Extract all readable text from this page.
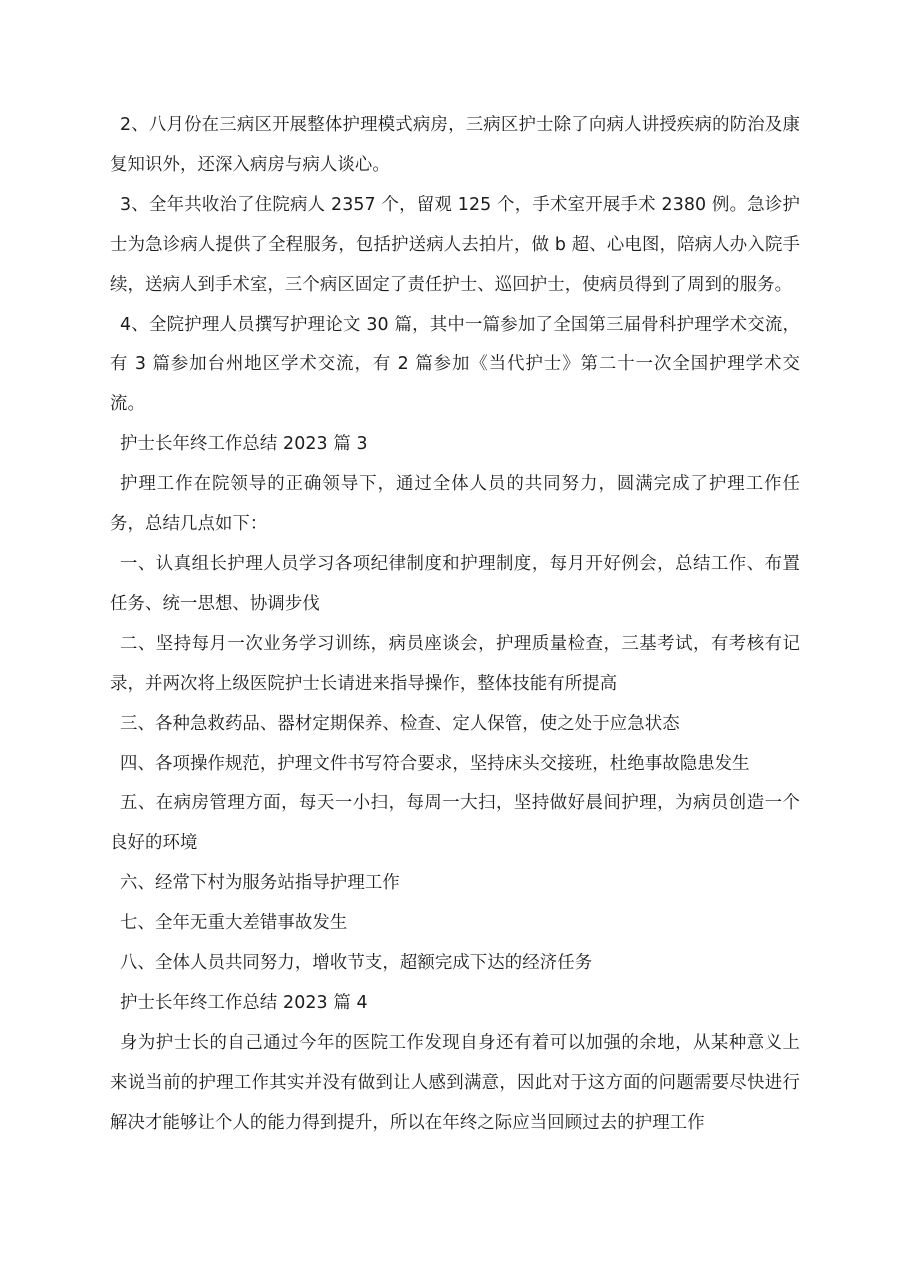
2、八月份在三病区开展整体护理模式病房，三病区护士除了向病人讲授疾病的防治及康复知识外，还深入病房与病人谈心。

3、全年共收治了住院病人 2357 个，留观 125 个，手术室开展手术 2380 例。急诊护士为急诊病人提供了全程服务，包括护送病人去拍片，做 b 超、心电图，陪病人办入院手续，送病人到手术室，三个病区固定了责任护士、巡回护士，使病员得到了周到的服务。

4、全院护理人员撰写护理论文 30 篇，其中一篇参加了全国第三届骨科护理学术交流，有 3 篇参加台州地区学术交流，有 2 篇参加《当代护士》第二十一次全国护理学术交流。

护士长年终工作总结 2023 篇 3

护理工作在院领导的正确领导下，通过全体人员的共同努力，圆满完成了护理工作任务，总结几点如下：

一、认真组长护理人员学习各项纪律制度和护理制度，每月开好例会，总结工作、布置任务、统一思想、协调步伐

二、坚持每月一次业务学习训练，病员座谈会，护理质量检查，三基考试，有考核有记录，并两次将上级医院护士长请进来指导操作，整体技能有所提高

三、各种急救药品、器材定期保养、检查、定人保管，使之处于应急状态

四、各项操作规范，护理文件书写符合要求，坚持床头交接班，杜绝事故隐患发生

五、在病房管理方面，每天一小扫，每周一大扫，坚持做好晨间护理，为病员创造一个良好的环境

六、经常下村为服务站指导护理工作

七、全年无重大差错事故发生

八、全体人员共同努力，增收节支，超额完成下达的经济任务

护士长年终工作总结 2023 篇 4

身为护士长的自己通过今年的医院工作发现自身还有着可以加强的余地，从某种意义上来说当前的护理工作其实并没有做到让人感到满意，因此对于这方面的问题需要尽快进行解决才能够让个人的能力得到提升，所以在年终之际应当回顾过去的护理工作
